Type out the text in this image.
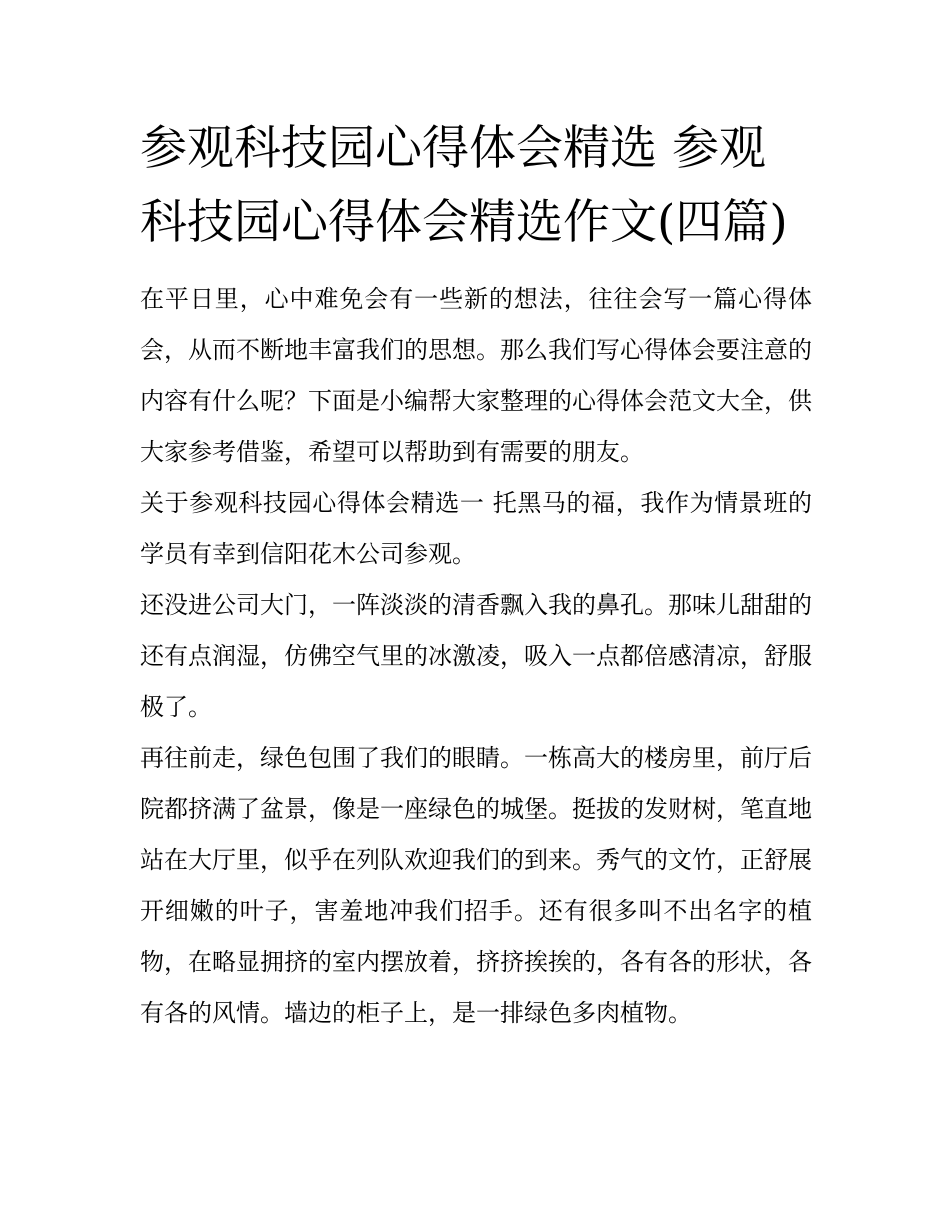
参观科技园心得体会精选 参观科技园心得体会精选作文(四篇)

在平日里，心中难免会有一些新的想法，往往会写一篇心得体会，从而不断地丰富我们的思想。那么我们写心得体会要注意的内容有什么呢？下面是小编帮大家整理的心得体会范文大全，供大家参考借鉴，希望可以帮助到有需要的朋友。

关于参观科技园心得体会精选一 托黑马的福，我作为情景班的学员有幸到信阳花木公司参观。

还没进公司大门，一阵淡淡的清香飘入我的鼻孔。那味儿甜甜的还有点润湿，仿佛空气里的冰激凌，吸入一点都倍感清凉，舒服极了。

再往前走，绿色包围了我们的眼睛。一栋高大的楼房里，前厅后院都挤满了盆景，像是一座绿色的城堡。挺拔的发财树，笔直地站在大厅里，似乎在列队欢迎我们的到来。秀气的文竹，正舒展开细嫩的叶子，害羞地冲我们招手。还有很多叫不出名字的植物，在略显拥挤的室内摆放着，挤挤挨挨的，各有各的形状，各有各的风情。墙边的柜子上，是一排绿色多肉植物。
